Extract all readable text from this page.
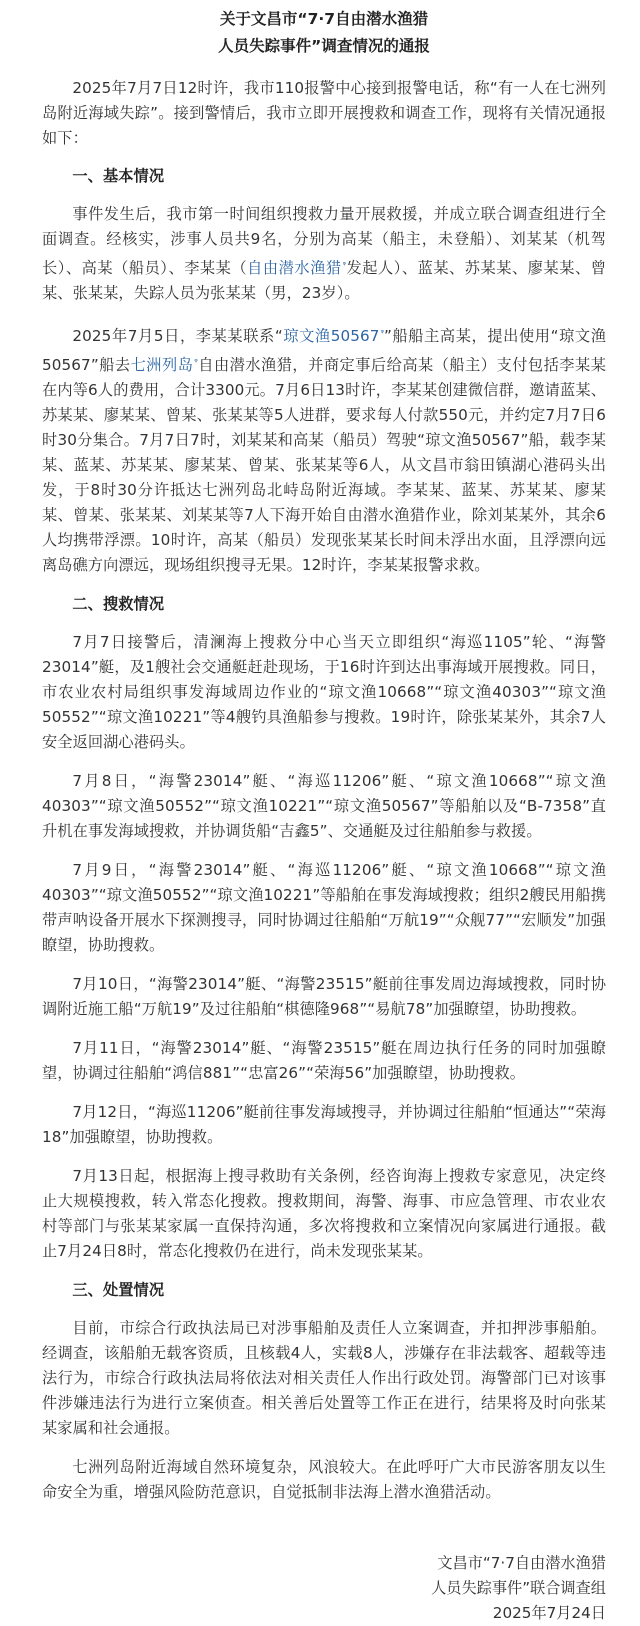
关于文昌市“7·7自由潜水渔猎
人员失踪事件”调查情况的通报

2025年7月7日12时许，我市110报警中心接到报警电话，称“有一人在七洲列岛附近海域失踪”。接到警情后，我市立即开展搜救和调查工作，现将有关情况通报如下：

一、基本情况

事件发生后，我市第一时间组织搜救力量开展救援，并成立联合调查组进行全面调查。经核实，涉事人员共9名，分别为高某（船主，未登船）、刘某某（机驾长）、高某（船员）、李某某（自由潜水渔猎$^ᵠ$发起人）、蓝某、苏某某、廖某某、曾某、张某某，失踪人员为张某某（男，23岁）。

2025年7月5日，李某某联系“琼文渔$50567^ᵠ$”船船主高某，提出使用“琼文渔50567”船去七洲列岛$^ᵠ$自由潜水渔猎，并商定事后给高某（船主）支付包括李某某在内等6人的费用，合计3300元。7月6日13时许，李某某创建微信群，邀请蓝某、苏某某、廖某某、曾某、张某某等5人进群，要求每人付款550元，并约定7月7日6时30分集合。7月7日7时，刘某某和高某（船员）驾驶“琼文渔50567”船，载李某某、蓝某、苏某某、廖某某、曾某、张某某等6人，从文昌市翁田镇湖心港码头出发，于8时30分许抵达七洲列岛北峙岛附近海域。李某某、蓝某、苏某某、廖某某、曾某、张某某、刘某某等7人下海开始自由潜水渔猎作业，除刘某某外，其余6人均携带浮漂。10时许，高某（船员）发现张某某长时间未浮出水面，且浮漂向远离岛礁方向漂远，现场组织搜寻无果。12时许，李某某报警求救。

二、搜救情况

7月7日接警后，清澜海上搜救分中心当天立即组织“海巡1105”轮、“海警23014”艇，及1艘社会交通艇赶赴现场，于16时许到达出事海域开展搜救。同日，市农业农村局组织事发海域周边作业的“琼文渔10668”“琼文渔40303”“琼文渔50552”“琼文渔10221”等4艘钓具渔船参与搜救。19时许，除张某某外，其余7人安全返回湖心港码头。

7月8日，“海警23014”艇、“海巡11206”艇、“琼文渔10668”“琼文渔40303”“琼文渔50552”“琼文渔10221”“琼文渔50567”等船舶以及“B-7358”直升机在事发海域搜救，并协调货船“吉鑫5”、交通艇及过往船舶参与救援。

7月9日，“海警23014”艇、“海巡11206”艇、“琼文渔10668”“琼文渔40303”“琼文渔50552”“琼文渔10221”等船舶在事发海域搜救；组织2艘民用船携带声呐设备开展水下探测搜寻，同时协调过往船舶“万航19”“众舰77”“宏顺发”加强瞭望，协助搜救。

7月10日，“海警23014”艇、“海警23515”艇前往事发周边海域搜救，同时协调附近施工船“万航19”及过往船舶“棋德隆968”“易航78”加强瞭望，协助搜救。

7月11日，“海警23014”艇、“海警23515”艇在周边执行任务的同时加强瞭望，协调过往船舶“鸿信881”“忠富26”“荣海56”加强瞭望，协助搜救。

7月12日，“海巡11206”艇前往事发海域搜寻，并协调过往船舶“恒通达”“荣海18”加强瞭望，协助搜救。

7月13日起，根据海上搜寻救助有关条例，经咨询海上搜救专家意见，决定终止大规模搜救，转入常态化搜救。搜救期间，海警、海事、市应急管理、市农业农村等部门与张某某家属一直保持沟通，多次将搜救和立案情况向家属进行通报。截止7月24日8时，常态化搜救仍在进行，尚未发现张某某。

三、处置情况

目前，市综合行政执法局已对涉事船舶及责任人立案调查，并扣押涉事船舶。经调查，该船舶无载客资质，且核载4人，实载8人，涉嫌存在非法载客、超载等违法行为，市综合行政执法局将依法对相关责任人作出行政处罚。海警部门已对该事件涉嫌违法行为进行立案侦查。相关善后处置等工作正在进行，结果将及时向张某某家属和社会通报。

七洲列岛附近海域自然环境复杂，风浪较大。在此呼吁广大市民游客朋友以生命安全为重，增强风险防范意识，自觉抵制非法海上潜水渔猎活动。

文昌市“7·7自由潜水渔猎
人员失踪事件”联合调查组
2025年7月24日
